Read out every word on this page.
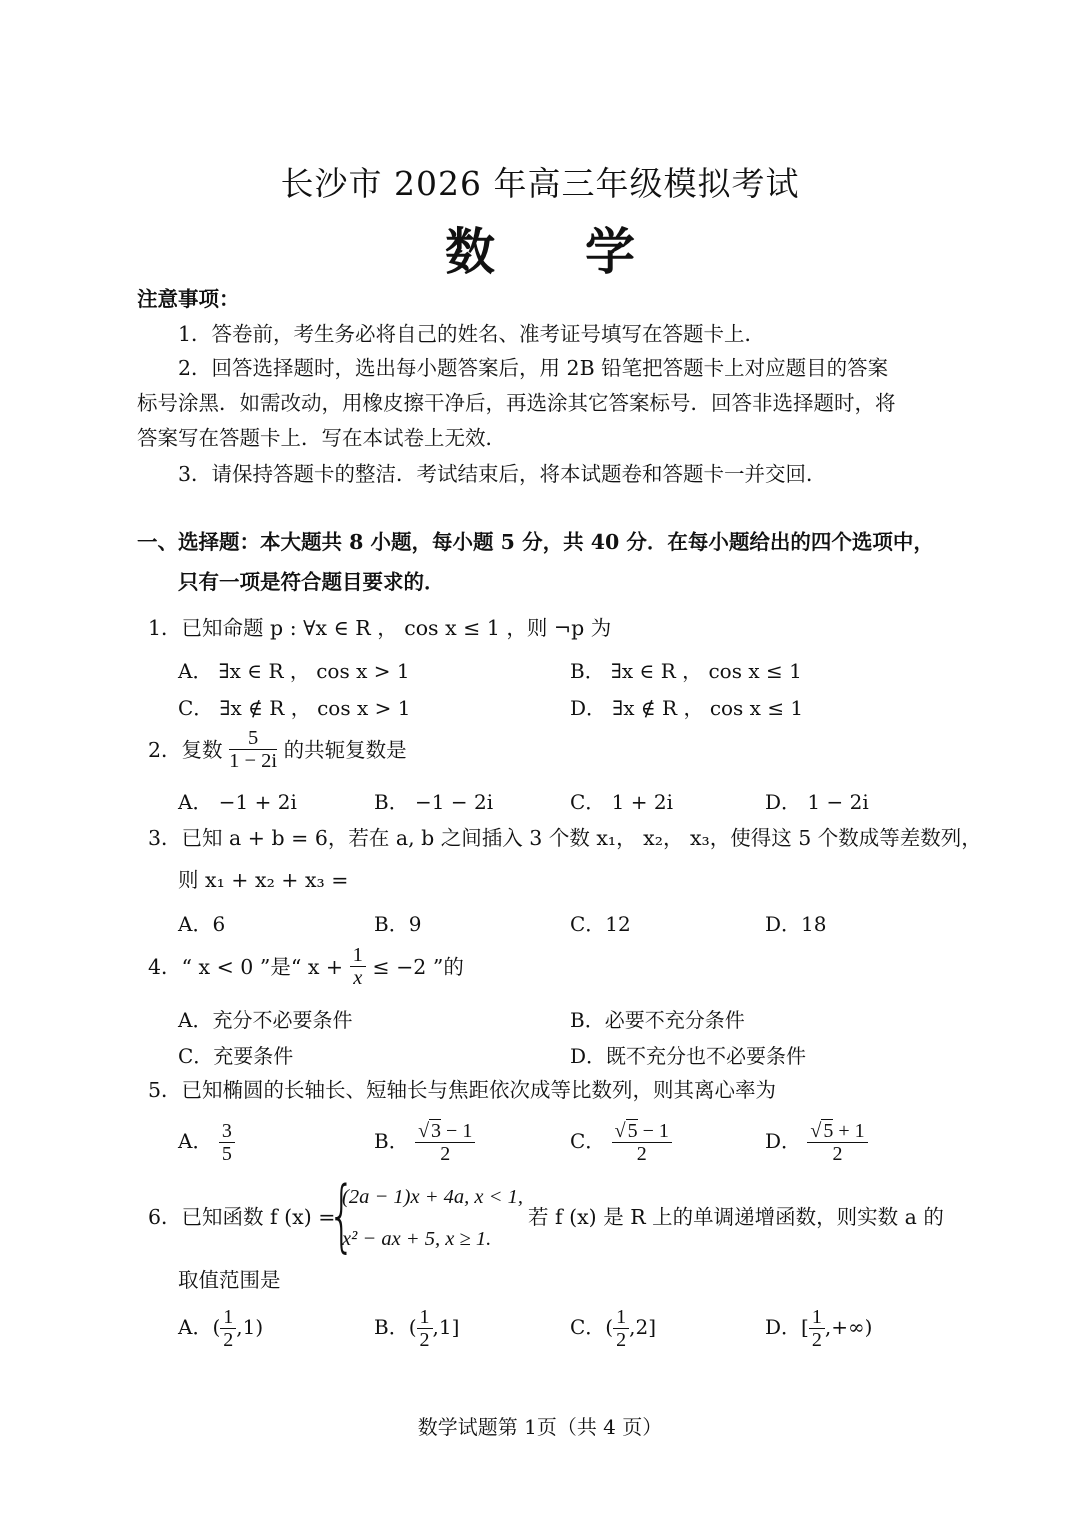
长沙市 2026 年高三年级模拟考试
数学
注意事项：
1．答卷前，考生务必将自己的姓名、准考证号填写在答题卡上．
2．回答选择题时，选出每小题答案后，用 2B 铅笔把答题卡上对应题目的答案
标号涂黑．如需改动，用橡皮擦干净后，再选涂其它答案标号．回答非选择题时，将
答案写在答题卡上．写在本试卷上无效．
3．请保持答题卡的整洁．考试结束后，将本试题卷和答题卡一并交回．
一、选择题：本大题共 8 小题，每小题 5 分，共 40 分．在每小题给出的四个选项中，
只有一项是符合题目要求的．
1．已知命题 p : ∀x ∈ R ， cos x ≤ 1 ，则 ¬p 为
A． ∃x ∈ R ， cos x > 1	B． ∃x ∈ R ， cos x ≤ 1
C． ∃x ∉ R ， cos x > 1	D． ∃x ∉ R ， cos x ≤ 1
2．复数 $\frac{5}{1 - 2i}$ 的共轭复数是
A． −1 + 2i	B． −1 − 2i	C． 1 + 2i	D． 1 − 2i
3．已知 a + b = 6，若在 a, b 之间插入 3 个数 x₁， x₂， x₃，使得这 5 个数成等差数列，
则 x₁ + x₂ + x₃ =
A．6	B．9	C．12	D．18
4．“ x < 0 ”是“ $x + \frac{1}{x} \le -2$ ”的
A．充分不必要条件	B．必要不充分条件
C．充要条件	D．既不充分也不必要条件
5．已知椭圆的长轴长、短轴长与焦距依次成等比数列，则其离心率为
A． $\frac{3}{5}$	B． $\frac{√ 3 - 1}{2}$	C． $\frac{√ 5 - 1}{2}$	D． $\frac{√ 5 + 1}{2}$
6．已知函数 f (x) =
{
(2a − 1)x + 4a, x < 1,
x² − ax + 5, x ≥ 1.
若 f (x) 是 R 上的单调递增函数，则实数 a 的
取值范围是
A．( $\frac{1}{2} ,1$)	B．( $\frac{1}{2} ,1$]	C．( $\frac{1}{2} ,2$]	D．[ $\frac{1}{2}$ ,+∞)
数学试题第 1页（共 4 页）
